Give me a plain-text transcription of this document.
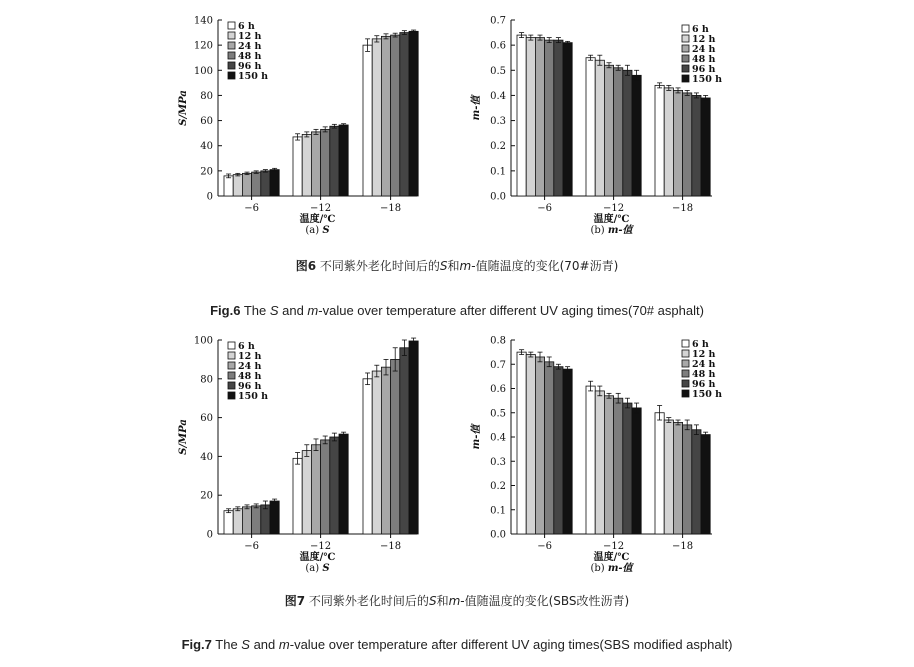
0
20
40
60
80
100
120
140
S/MPa
−6	−12	−18
温度/℃
(a) S
6 h
12 h
24 h
48 h
96 h
150 h
0.0
0.1
0.2
0.3
0.4
0.5
0.6
0.7
m-值
−6	−12	−18
温度/℃
(b) m-值
6 h
12 h
24 h
48 h
96 h
150 h
0
20
40
60
80
100
S/MPa
−6	−12	−18
温度/℃
(a) S
6 h
12 h
24 h
48 h
96 h
150 h
0.0
0.1
0.2
0.3
0.4
0.5
0.6
0.7
0.8
m-值
−6	−12	−18
温度/℃
(b) m-值
6 h
12 h
24 h
48 h
96 h
150 h
图6 不同紫外老化时间后的S和m-值随温度的变化(70#沥青)
Fig.6 The S and m-value over temperature after different UV aging times(70# asphalt)
图7 不同紫外老化时间后的S和m-值随温度的变化(SBS改性沥青)
Fig.7 The S and m-value over temperature after different UV aging times(SBS modified asphalt)
